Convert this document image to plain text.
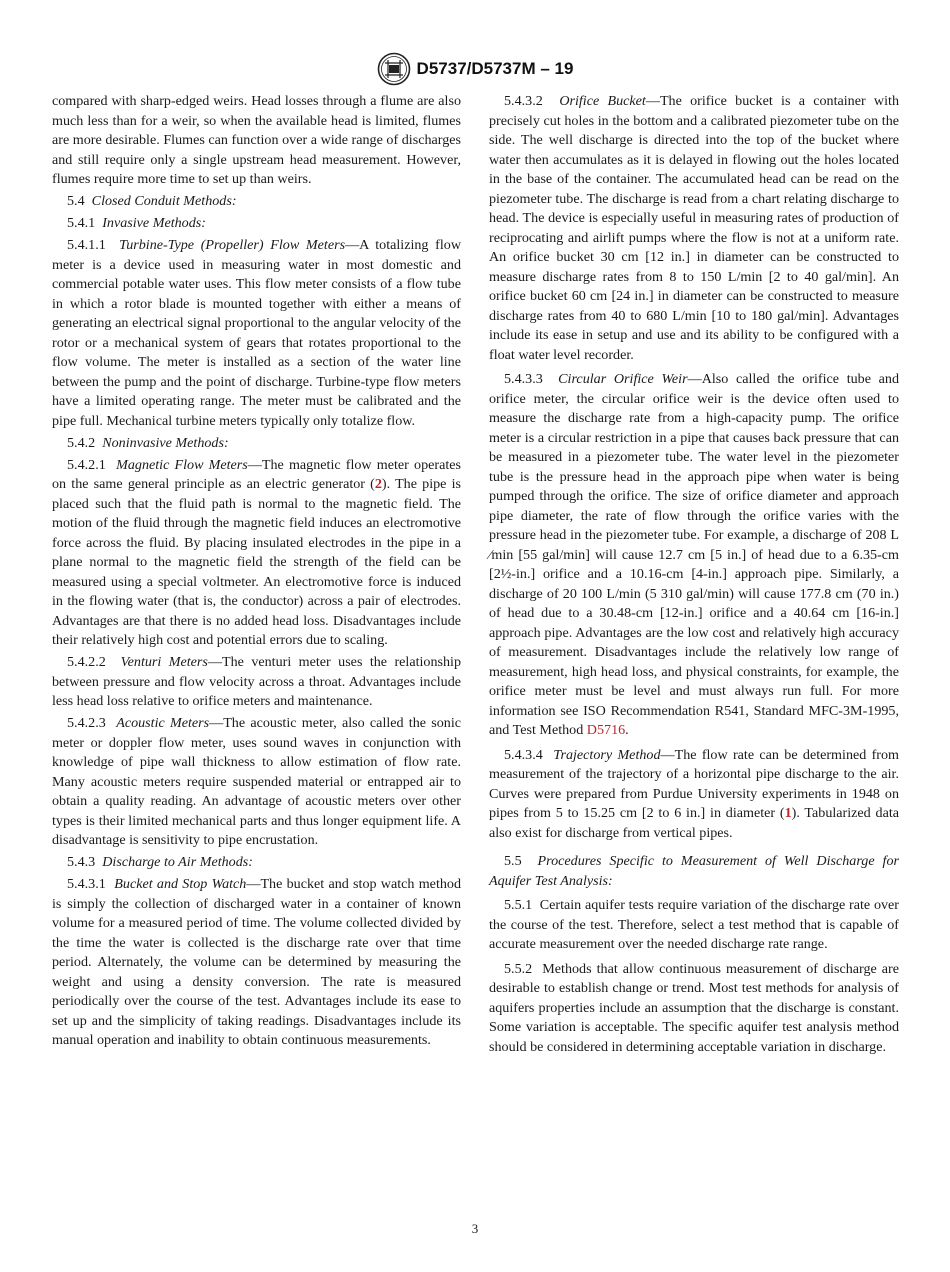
D5737/D5737M – 19

compared with sharp-edged weirs. Head losses through a flume are also much less than for a weir, so when the available head is limited, flumes are more desirable. Flumes can function over a wide range of discharges and still require only a single upstream head measurement. However, flumes require more time to set up than weirs.

5.4 Closed Conduit Methods:

5.4.1 Invasive Methods:

5.4.1.1 Turbine-Type (Propeller) Flow Meters—A totalizing flow meter is a device used in measuring water in most domestic and commercial potable water uses. This flow meter consists of a flow tube in which a rotor blade is mounted together with either a means of generating an electrical signal proportional to the angular velocity of the rotor or a mechanical system of gears that rotates proportional to the flow volume. The meter is installed as a section of the water line between the pump and the point of discharge. Turbine-type flow meters have a limited operating range. The meter must be calibrated and the pipe full. Mechanical turbine meters typically only totalize flow.

5.4.2 Noninvasive Methods:

5.4.2.1 Magnetic Flow Meters—The magnetic flow meter operates on the same general principle as an electric generator (2). The pipe is placed such that the fluid path is normal to the magnetic field. The motion of the fluid through the magnetic field induces an electromotive force across the fluid. By placing insulated electrodes in the pipe in a plane normal to the magnetic field the strength of the field can be measured using a special voltmeter. An electromotive force is induced in the flowing water (that is, the conductor) across a pair of electrodes. Advantages are that there is no added head loss. Disadvantages include their relatively high cost and potential errors due to scaling.

5.4.2.2 Venturi Meters—The venturi meter uses the relationship between pressure and flow velocity across a throat. Advantages include less head loss relative to orifice meters and maintenance.

5.4.2.3 Acoustic Meters—The acoustic meter, also called the sonic meter or doppler flow meter, uses sound waves in conjunction with knowledge of pipe wall thickness to allow estimation of flow rate. Many acoustic meters require suspended material or entrapped air to obtain a quality reading. An advantage of acoustic meters over other types is their limited mechanical parts and thus longer equipment life. A disadvantage is sensitivity to pipe encrustation.

5.4.3 Discharge to Air Methods:

5.4.3.1 Bucket and Stop Watch—The bucket and stop watch method is simply the collection of discharged water in a container of known volume for a measured period of time. The volume collected divided by the time the water is collected is the discharge rate over that time period. Alternately, the volume can be determined by measuring the weight and using a density conversion. The rate is measured periodically over the course of the test. Advantages include its ease to set up and the simplicity of taking readings. Disadvantages include its manual operation and inability to obtain continuous measurements.

5.4.3.2 Orifice Bucket—The orifice bucket is a container with precisely cut holes in the bottom and a calibrated piezometer tube on the side. The well discharge is directed into the top of the bucket where water then accumulates as it is delayed in flowing out the holes located in the base of the container. The accumulated head can be read on the piezometer tube. The discharge is read from a chart relating discharge to head. The device is especially useful in measuring rates of production of reciprocating and airlift pumps where the flow is not at a uniform rate. An orifice bucket 30 cm [12 in.] in diameter can be constructed to measure discharge rates from 8 to 150 L/min [2 to 40 gal/min]. An orifice bucket 60 cm [24 in.] in diameter can be constructed to measure discharge rates from 40 to 680 L/min [10 to 180 gal/min]. Advantages include its ease in setup and use and its ability to be configured with a float water level recorder.

5.4.3.3 Circular Orifice Weir—Also called the orifice tube and orifice meter, the circular orifice weir is the device often used to measure the discharge rate from a high-capacity pump. The orifice meter is a circular restriction in a pipe that causes back pressure that can be measured in a piezometer tube. The water level in the piezometer tube is the pressure head in the approach pipe when water is being pumped through the orifice. The size of orifice diameter and approach pipe diameter, the rate of flow through the orifice varies with the pressure head in the piezometer tube. For example, a discharge of 208 L ⁄min [55 gal/min] will cause 12.7 cm [5 in.] of head due to a 6.35-cm [2½-in.] orifice and a 10.16-cm [4-in.] approach pipe. Similarly, a discharge of 20 100 L/min (5 310 gal/min) will cause 177.8 cm (70 in.) of head due to a 30.48-cm [12-in.] orifice and a 40.64 cm [16-in.] approach pipe. Advantages are the low cost and relatively high accuracy of measurement. Disadvantages include the relatively low range of measurement, high head loss, and physical constraints, for example, the orifice meter must be level and must always run full. For more information see ISO Recommendation R541, Standard MFC-3M-1995, and Test Method D5716.

5.4.3.4 Trajectory Method—The flow rate can be determined from measurement of the trajectory of a horizontal pipe discharge to the air. Curves were prepared from Purdue University experiments in 1948 on pipes from 5 to 15.25 cm [2 to 6 in.] in diameter (1). Tabularized data also exist for discharge from vertical pipes.

5.5 Procedures Specific to Measurement of Well Discharge for Aquifer Test Analysis:

5.5.1 Certain aquifer tests require variation of the discharge rate over the course of the test. Therefore, select a test method that is capable of accurate measurement over the needed discharge rate range.

5.5.2 Methods that allow continuous measurement of discharge are desirable to establish change or trend. Most test methods for analysis of aquifers properties include an assumption that the discharge is constant. Some variation is acceptable. The specific aquifer test analysis method should be considered in determining acceptable variation in discharge.

3
